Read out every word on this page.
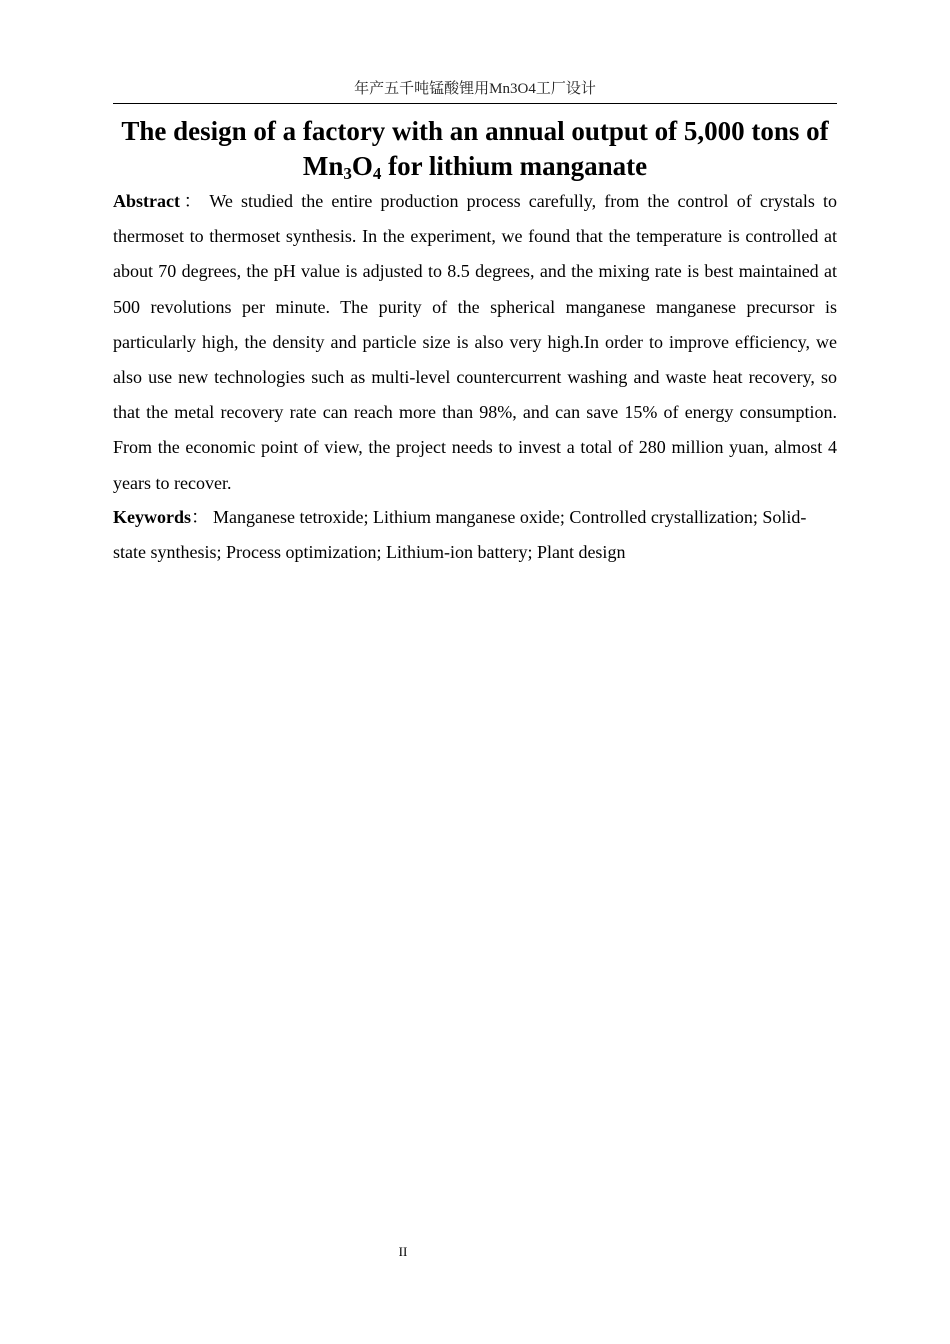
年产五千吨锰酸锂用Mn3O4工厂设计
The design of a factory with an annual output of 5,000 tons of $Mn_3O_4$ for lithium manganate

Abstract： We studied the entire production process carefully, from the control of crystals to thermoset to thermoset synthesis. In the experiment, we found that the temperature is controlled at about 70 degrees, the pH value is adjusted to 8.5 degrees, and the mixing rate is best maintained at 500 revolutions per minute. The purity of the spherical manganese manganese precursor is particularly high, the density and particle size is also very high.In order to improve efficiency, we also use new technologies such as multi-level countercurrent washing and waste heat recovery, so that the metal recovery rate can reach more than 98%, and can save 15% of energy consumption. From the economic point of view, the project needs to invest a total of 280 million yuan, almost 4 years to recover.

Keywords： Manganese tetroxide; Lithium manganese oxide; Controlled crystallization; Solid-state synthesis; Process optimization; Lithium-ion battery; Plant design

II
